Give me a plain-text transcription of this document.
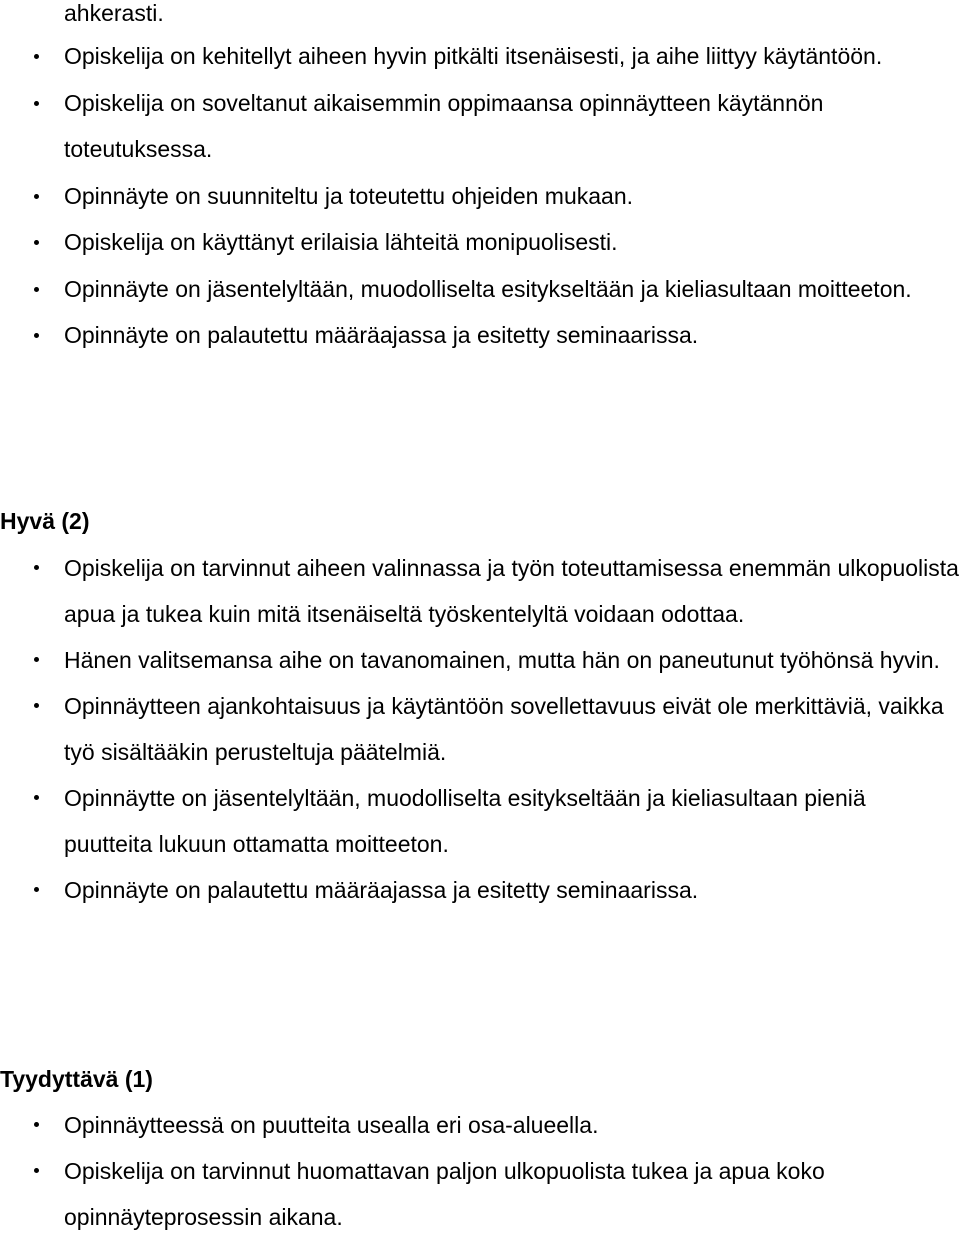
ahkerasti.

Opiskelija on kehitellyt aiheen hyvin pitkälti itsenäisesti, ja aihe liittyy käytäntöön.
Opiskelija on soveltanut aikaisemmin oppimaansa opinnäytteen käytännön toteutuksessa.
Opinnäyte on suunniteltu ja toteutettu ohjeiden mukaan.
Opiskelija on käyttänyt erilaisia lähteitä monipuolisesti.
Opinnäyte on jäsentelyltään, muodolliselta esitykseltään ja kieliasultaan moitteeton.
Opinnäyte on palautettu määräajassa ja esitetty seminaarissa.
Hyvä (2)
Opiskelija on tarvinnut aiheen valinnassa ja työn toteuttamisessa enemmän ulkopuolista apua ja tukea kuin mitä itsenäiseltä työskentelyltä voidaan odottaa.
Hänen valitsemansa aihe on tavanomainen, mutta hän on paneutunut työhönsä hyvin.
Opinnäytteen ajankohtaisuus ja käytäntöön sovellettavuus eivät ole merkittäviä, vaikka työ sisältääkin perusteltuja päätelmiä.
Opinnäytte on jäsentelyltään, muodolliselta esitykseltään ja kieliasultaan pieniä puutteita lukuun ottamatta moitteeton.
Opinnäyte on palautettu määräajassa ja esitetty seminaarissa.
Tyydyttävä (1)
Opinnäytteessä on puutteita usealla eri osa-alueella.
Opiskelija on tarvinnut huomattavan paljon ulkopuolista tukea ja apua koko opinnäyteprosessin aikana.
